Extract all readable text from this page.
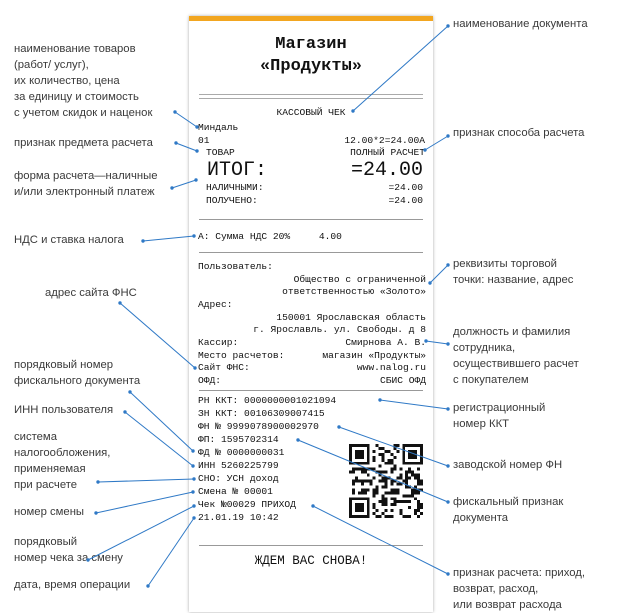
наименование товаров
(работ/ услуг),
их количество, цена
за единицу и стоимость
с учетом скидок и наценок
признак предмета расчета
форма расчета—наличные
и/или электронный платеж
НДС и ставка налога
адрес сайта ФНС
порядковый номер
фискального документа
ИНН пользователя
система
налогообложения,
применяемая
при расчете
номер смены
порядковый
номер чека за смену
дата, время операции
наименование документа
признак способа расчета
реквизиты торговой
точки: название, адрес
должность и фамилия
сотрудника,
осуществившего расчет
с покупателем
регистрационный
номер ККТ
заводской номер ФН
фискальный признак
документа
признак расчета: приход,
возврат, расход,
или возврат расхода
Магазин
«Продукты»
КАССОВЫЙ ЧЕК
Миндаль
01	12.00*2=24.00А
ТОВАР	ПОЛНЫЙ РАСЧЕТ
ИТОГ:	=24.00
НАЛИЧНЫМИ:	=24.00
ПОЛУЧЕНО:	=24.00
А: Сумма НДС 20%     4.00
Пользователь:
Общество с ограниченной
ответственностью «Золото»
Адрес:
150001 Ярославская область
г. Ярославль. ул. Свободы. д 8
Кассир:	Смирнова А. В.
Место расчетов:	магазин «Продукты»
Сайт ФНС:	www.nalog.ru
ОФД:	СБИС ОФД
РН ККТ: 0000000001021094
ЗН ККТ: 00106309007415
ФН № 9999078900002970
ФП: 1595702314
ФД № 0000000031
ИНН 5260225799
СНО: УСН доход
Смена № 00001
Чек №00029 ПРИХОД
21.01.19 10:42
ЖДЕМ ВАС СНОВА!
